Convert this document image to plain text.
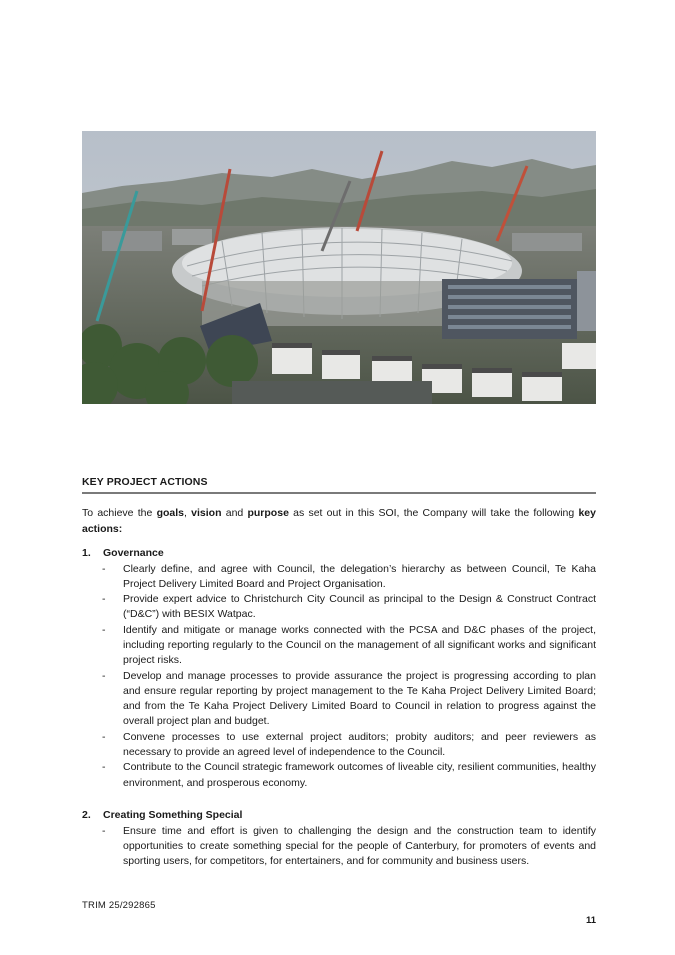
KEY PROJECT ACTIONS
To achieve the goals, vision and purpose as set out in this SOI, the Company will take the following key actions:
1. Governance
- Clearly define, and agree with Council, the delegation’s hierarchy as between Council, Te Kaha Project Delivery Limited Board and Project Organisation.
- Provide expert advice to Christchurch City Council as principal to the Design & Construct Contract (“D&C”) with BESIX Watpac.
- Identify and mitigate or manage works connected with the PCSA and D&C phases of the project, including reporting regularly to the Council on the management of all significant works and significant project risks.
- Develop and manage processes to provide assurance the project is progressing according to plan and ensure regular reporting by project management to the Te Kaha Project Delivery Limited Board; and from the Te Kaha Project Delivery Limited Board to Council in relation to progress against the overall project plan and budget.
- Convene processes to use external project auditors; probity auditors; and peer reviewers as necessary to provide an agreed level of independence to the Council.
- Contribute to the Council strategic framework outcomes of liveable city, resilient communities, healthy environment, and prosperous economy.
2. Creating Something Special
- Ensure time and effort is given to challenging the design and the construction team to identify opportunities to create something special for the people of Canterbury, for promoters of events and sporting users, for competitors, for entertainers, and for community and business users.
TRIM 25/292865
11
